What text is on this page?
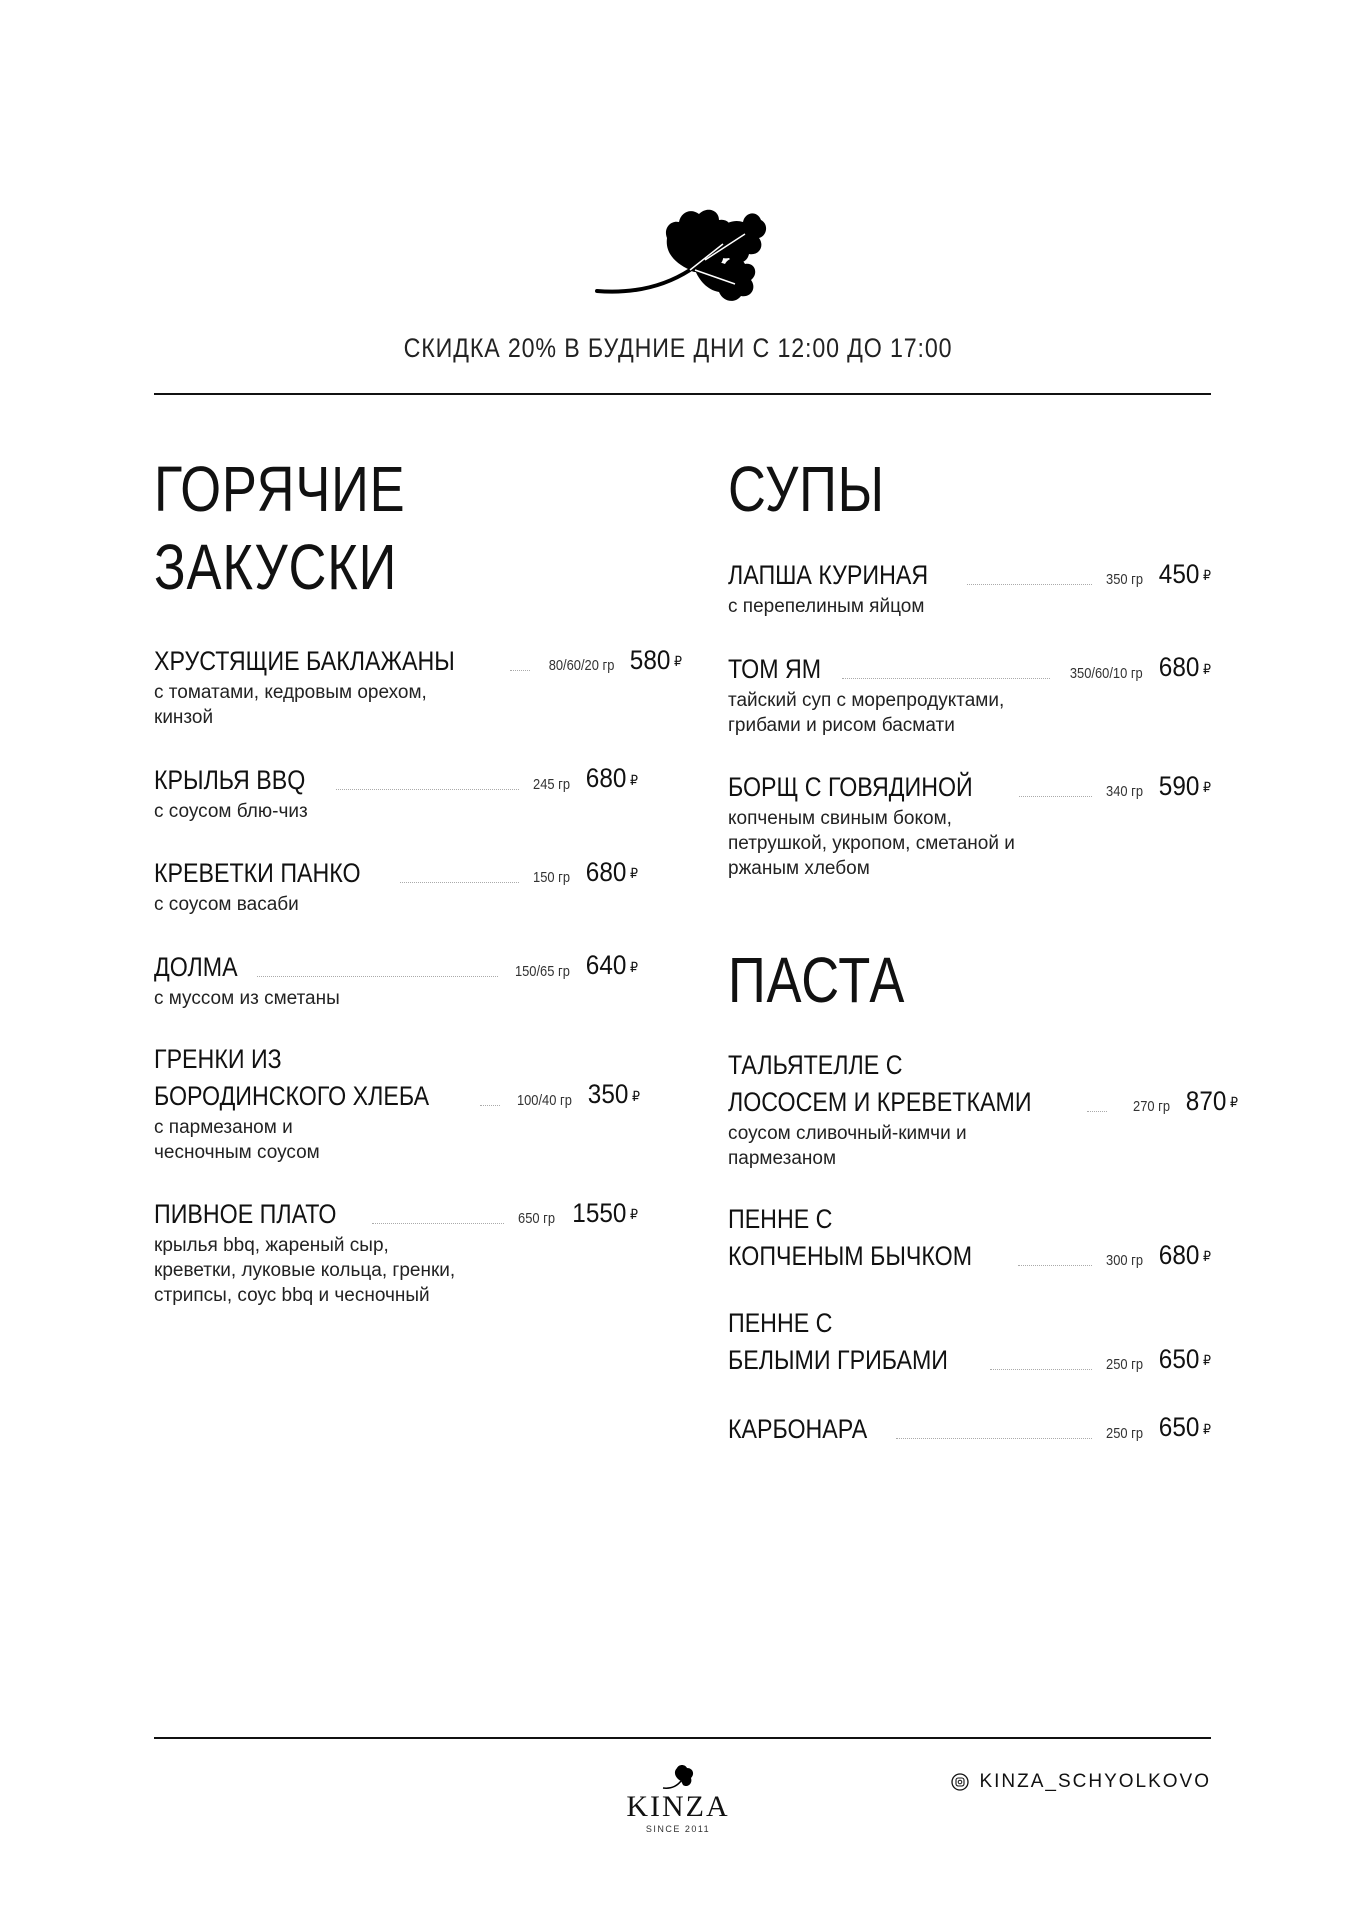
СКИДКА 20% В БУДНИЕ ДНИ С 12:00 ДО 17:00
ГОРЯЧИЕ
ЗАКУСКИ
ХРУСТЯЩИЕ БАКЛАЖАНЫ	80/60/20 гр 580 ₽
с томатами, кедровым орехом,
кинзой
КРЫЛЬЯ BBQ	245 гр 680 ₽
с соусом блю-чиз
КРЕВЕТКИ ПАНКО	150 гр 680 ₽
с соусом васаби
ДОЛМА	150/65 гр 640 ₽
с муссом из сметаны
ГРЕНКИ ИЗ
БОРОДИНСКОГО ХЛЕБА	100/40 гр 350 ₽
с пармезаном и
чесночным соусом
ПИВНОЕ ПЛАТО	650 гр 1550 ₽
крылья bbq, жареный сыр,
креветки, луковые кольца, гренки,
стрипсы, соус bbq и чесночный
СУПЫ
ЛАПША КУРИНАЯ	350 гр 450 ₽
с перепелиным яйцом
ТОМ ЯМ	350/60/10 гр 680 ₽
тайский суп с морепродуктами,
грибами и рисом басмати
БОРЩ С ГОВЯДИНОЙ	340 гр 590 ₽
копченым свиным боком,
петрушкой, укропом, сметаной и
ржаным хлебом
ПАСТА
ТАЛЬЯТЕЛЛЕ С
ЛОСОСЕМ И КРЕВЕТКАМИ	270 гр 870 ₽
соусом сливочный-кимчи и
пармезаном
ПЕННЕ С
КОПЧЕНЫМ БЫЧКОМ	300 гр 680 ₽
ПЕННЕ С
БЕЛЫМИ ГРИБАМИ	250 гр 650 ₽
КАРБОНАРА	250 гр 650 ₽
KINZA
SINCE 2011
KINZA_SCHYOLKOVO
